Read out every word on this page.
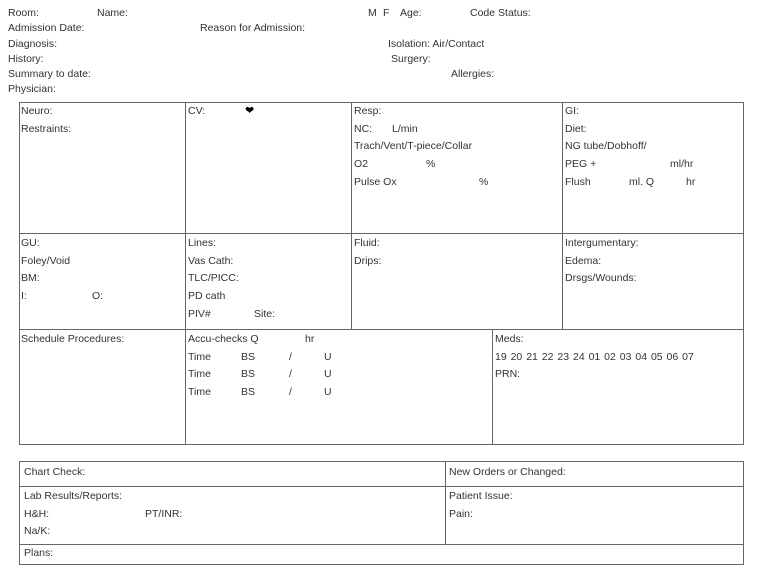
Room:	Name:	M F Age:	Code Status:
Admission Date:	Reason for Admission:
Diagnosis:	Isolation: Air/Contact
History:	Surgery:
Summary to date:	Allergies:
Physician:
Neuro:
Restraints:
CV:	❤	Resp:
NC: L/min
Trach/Vent/T-piece/Collar
O2	%
Pulse Ox	%
GI:
Diet:
NG tube/Dobhoff/
PEG +	ml/hr
Flush	ml. Q	hr
GU:
Foley/Void
BM:
I:	O:
Lines:
Vas Cath:
TLC/PICC:
PD cath
PIV#	Site:
Fluid:
Drips:
Intergumentary:
Edema:
Drsgs/Wounds:
Schedule Procedures:	Accu-checks Q	hr
Time	BS	/	U
Time	BS	/	U
Time	BS	/	U
Meds:
19 20 21 22 23 24 01 02 03 04 05 06 07
PRN:
Chart Check:	New Orders or Changed:
Lab Results/Reports:
H&H:	PT/INR:
Na/K:
Patient Issue:
Pain:
Plans:
